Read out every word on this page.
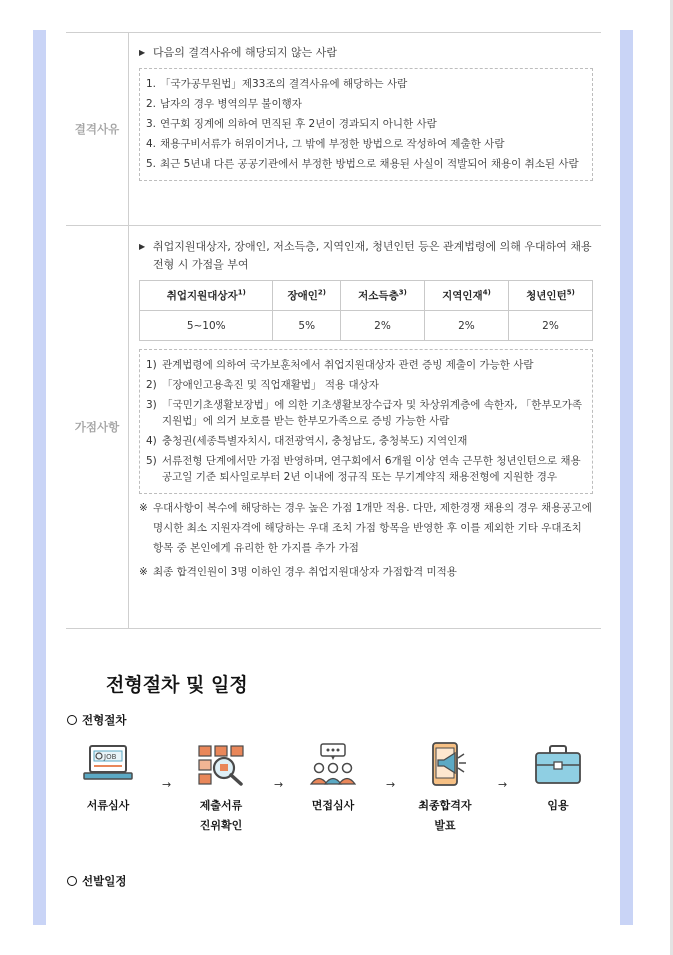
결격사유
▶ 다음의 결격사유에 해당되지 않는 사람
1. 「국가공무원법」제33조의 결격사유에 해당하는 사람
2. 남자의 경우 병역의무 불이행자
3. 연구회 징계에 의하여 면직된 후 2년이 경과되지 아니한 사람
4. 채용구비서류가 허위이거나, 그 밖에 부정한 방법으로 작성하여 제출한 사람
5. 최근 5년내 다른 공공기관에서 부정한 방법으로 채용된 사실이 적발되어 채용이 취소된 사람
가점사항
▶ 취업지원대상자, 장애인, 저소득층, 지역인재, 청년인턴 등은 관계법령에 의해 우대하여 채용전형 시 가점을 부여
취업지원대상자$^{1)}$	장애인$^{2)}$	저소득층$^{3)}$	지역인재$^{4)}$	청년인턴$^{5)}$
5~10%	5%	2%	2%	2%
1) 관계법령에 의하여 국가보훈처에서 취업지원대상자 관련 증빙 제출이 가능한 사람
2) 「장애인고용촉진 및 직업재활법」 적용 대상자
3) 「국민기초생활보장법」에 의한 기초생활보장수급자 및 차상위계층에 속한자, 「한부모가족지원법」에 의거 보호를 받는 한부모가족으로 증빙 가능한 사람
4) 충청권(세종특별자치시, 대전광역시, 충청남도, 충청북도) 지역인재
5) 서류전형 단계에서만 가점 반영하며, 연구회에서 6개월 이상 연속 근무한 청년인턴으로 채용공고일 기준 퇴사일로부터 2년 이내에 정규직 또는 무기계약직 채용전형에 지원한 경우
※ 우대사항이 복수에 해당하는 경우 높은 가점 1개만 적용. 다만, 제한경쟁 채용의 경우 채용공고에 명시한 최소 지원자격에 해당하는 우대 조치 가점 항목을 반영한 후 이를 제외한 기타 우대조치 항목 중 본인에게 유리한 한 가지를 추가 가점
※ 최종 합격인원이 3명 이하인 경우 취업지원대상자 가점합격 미적용
전형절차 및 일정
전형절차
JOB
서류심사
→
제출서류
진위확인
→
면접심사
→
최종합격자
발표
→
임용
선발일정
